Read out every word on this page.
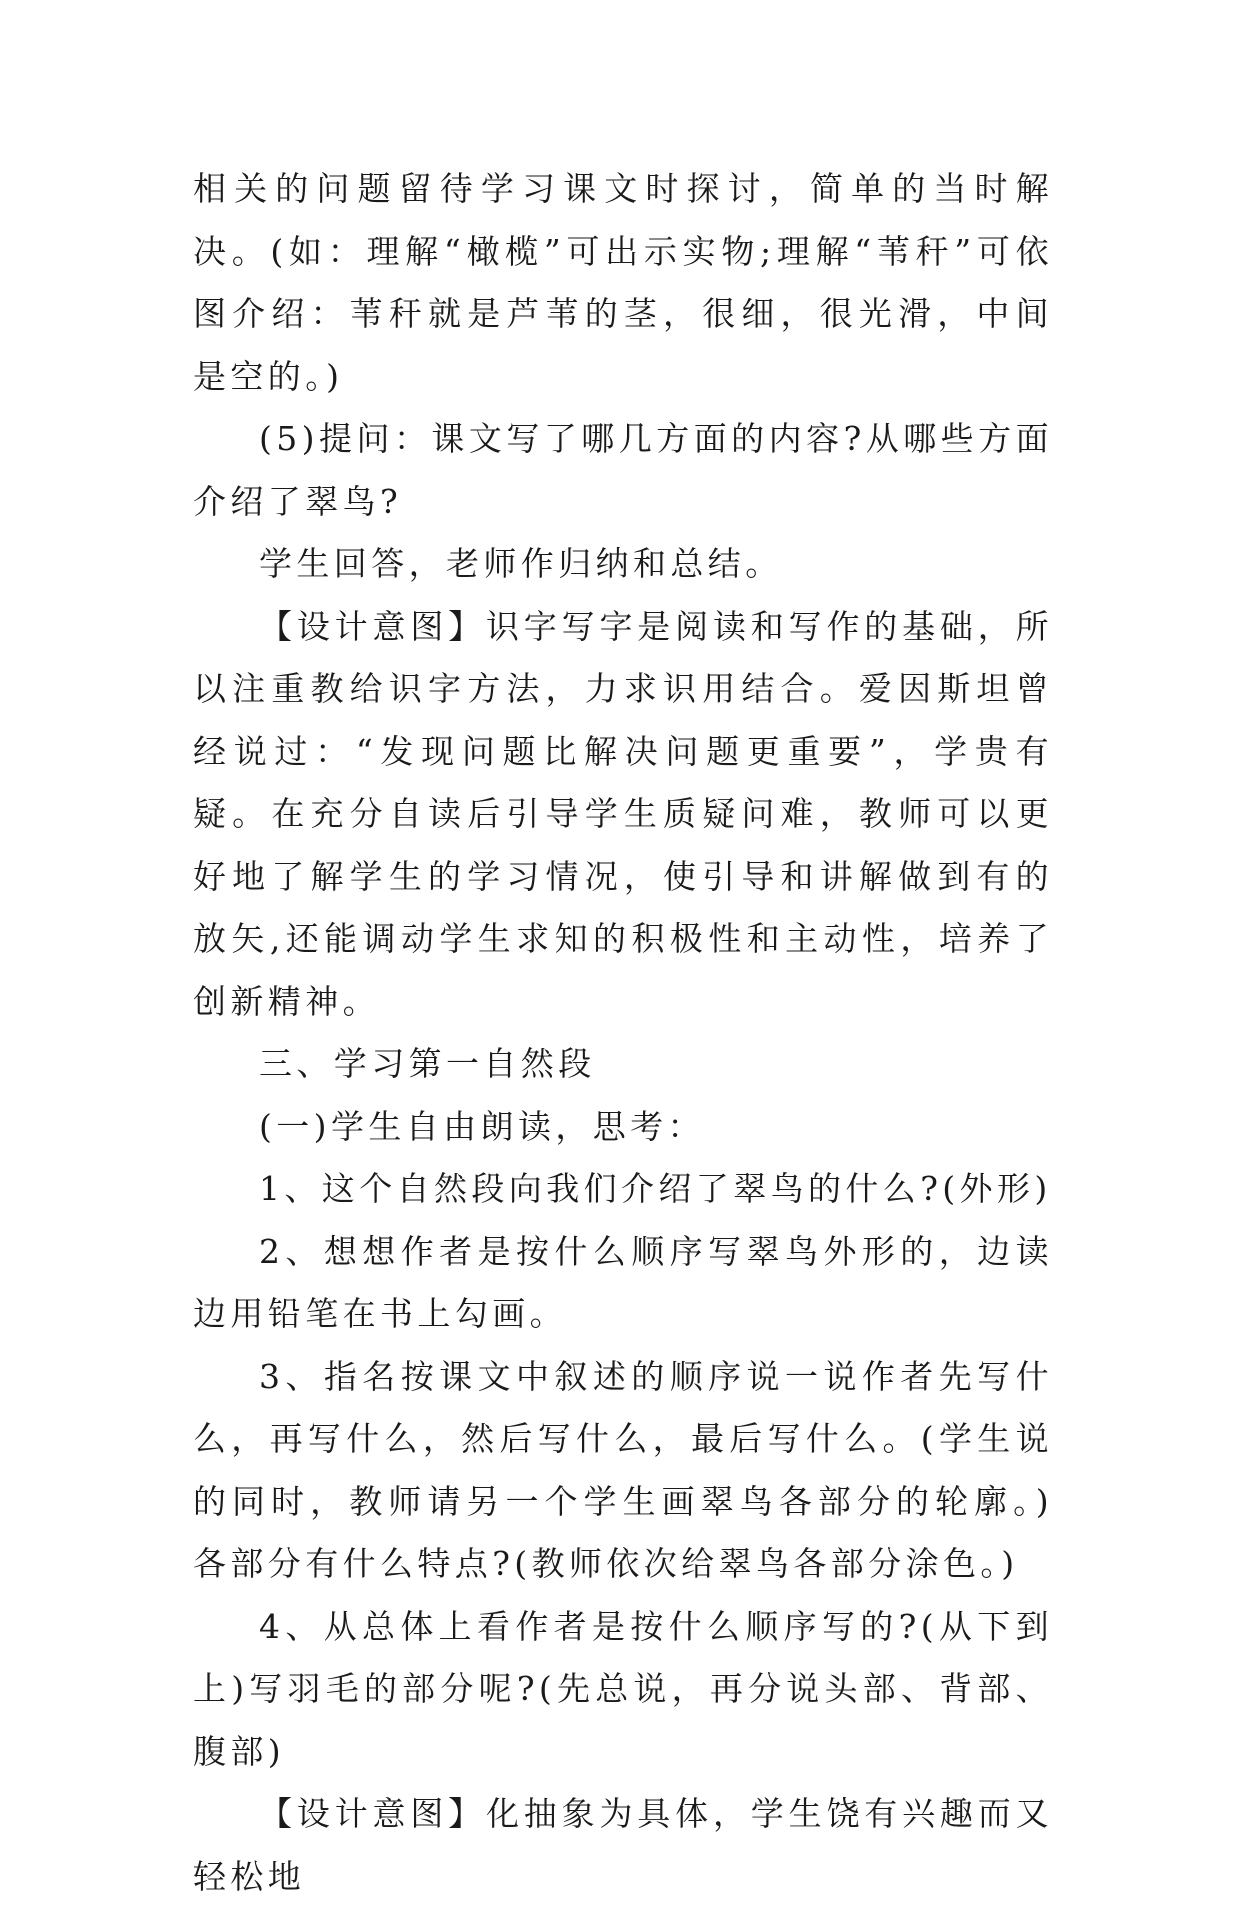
相关的问题留待学习课文时探讨，简单的当时解决。(如：理解“橄榄”可出示实物;理解“苇秆”可依图介绍：苇秆就是芦苇的茎，很细，很光滑，中间是空的。)

(5)提问：课文写了哪几方面的内容?从哪些方面介绍了翠鸟?

学生回答，老师作归纳和总结。

【设计意图】识字写字是阅读和写作的基础，所以注重教给识字方法，力求识用结合。爱因斯坦曾经说过：“发现问题比解决问题更重要”，学贵有疑。在充分自读后引导学生质疑问难，教师可以更好地了解学生的学习情况，使引导和讲解做到有的放矢,还能调动学生求知的积极性和主动性，培养了创新精神。

三、学习第一自然段

(一)学生自由朗读，思考：

1、这个自然段向我们介绍了翠鸟的什么?(外形)

2、想想作者是按什么顺序写翠鸟外形的，边读边用铅笔在书上勾画。

3、指名按课文中叙述的顺序说一说作者先写什么，再写什么，然后写什么，最后写什么。(学生说的同时，教师请另一个学生画翠鸟各部分的轮廓。)各部分有什么特点?(教师依次给翠鸟各部分涂色。)

4、从总体上看作者是按什么顺序写的?(从下到上)写羽毛的部分呢?(先总说，再分说头部、背部、腹部)

【设计意图】化抽象为具体，学生饶有兴趣而又轻松地
